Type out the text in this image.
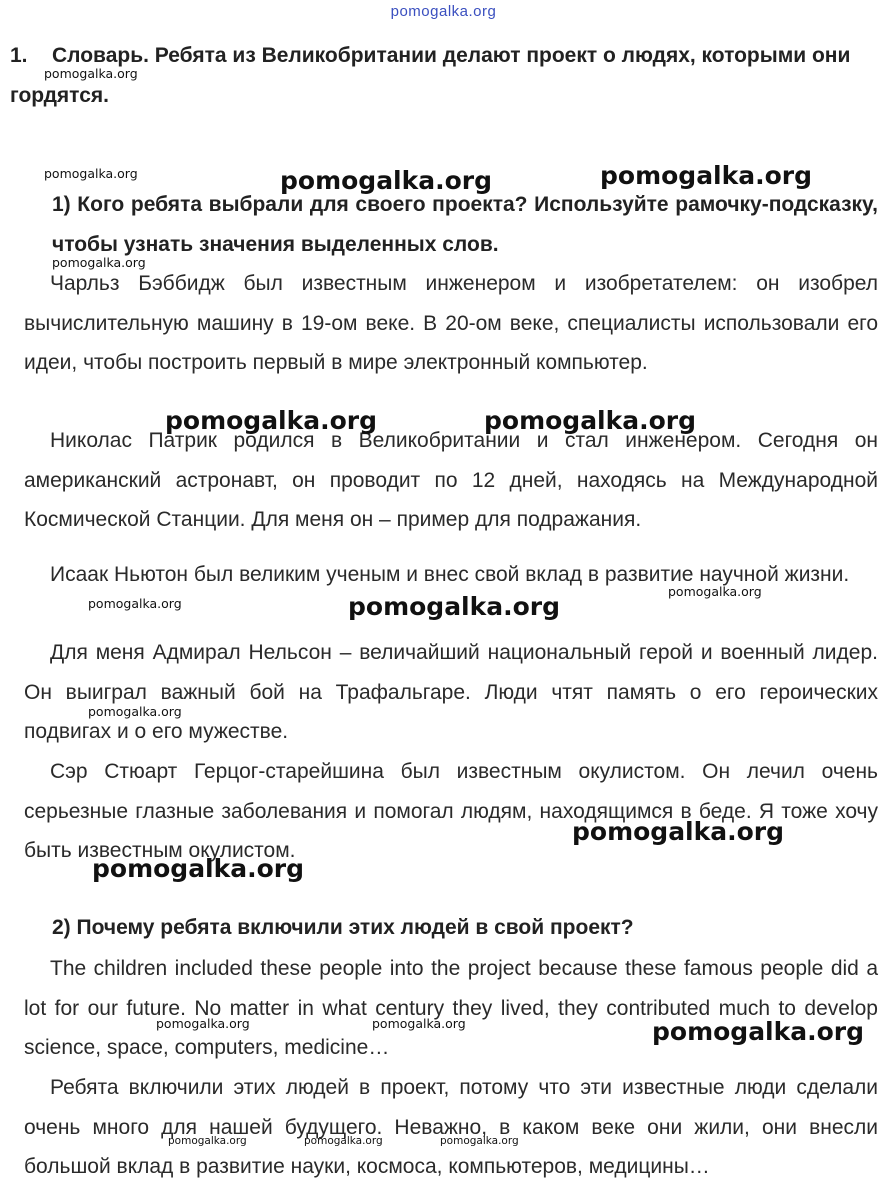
pomogalka.org
1. Словарь. Ребята из Великобритании делают проект о людях, которыми они гордятся.
1) Кого ребята выбрали для своего проекта? Используйте рамочку-подсказку, чтобы узнать значения выделенных слов.

Чарльз Бэббидж был известным инженером и изобретателем: он изобрел вычислительную машину в 19-ом веке. В 20-ом веке, специалисты использовали его идеи, чтобы построить первый в мире электронный компьютер.

Николас Патрик родился в Великобритании и стал инженером. Сегодня он американский астронавт, он проводит по 12 дней, находясь на Международной Космической Станции. Для меня он – пример для подражания.

Исаак Ньютон был великим ученым и внес свой вклад в развитие научной жизни.

Для меня Адмирал Нельсон – величайший национальный герой и военный лидер. Он выиграл важный бой на Трафальгаре. Люди чтят память о его героических подвигах и о его мужестве.

Сэр Стюарт Герцог-старейшина был известным окулистом. Он лечил очень серьезные глазные заболевания и помогал людям, находящимся в беде. Я тоже хочу быть известным окулистом.

2) Почему ребята включили этих людей в свой проект?

The children included these people into the project because these famous people did a lot for our future. No matter in what century they lived, they contributed much to develop science, space, computers, medicine…

Ребята включили этих людей в проект, потому что эти известные люди сделали очень много для нашей будущего. Неважно, в каком веке они жили, они внесли большой вклад в развитие науки, космоса, компьютеров, медицины…

pomogalka.org
pomogalka.org	pomogalka.org	pomogalka.org
pomogalka.org
pomogalka.org	pomogalka.org
pomogalka.org	pomogalka.org
pomogalka.org
pomogalka.org
pomogalka.org
pomogalka.org
pomogalka.org	pomogalka.org	pomogalka.org
pomogalka.org	pomogalka.org	pomogalka.org
